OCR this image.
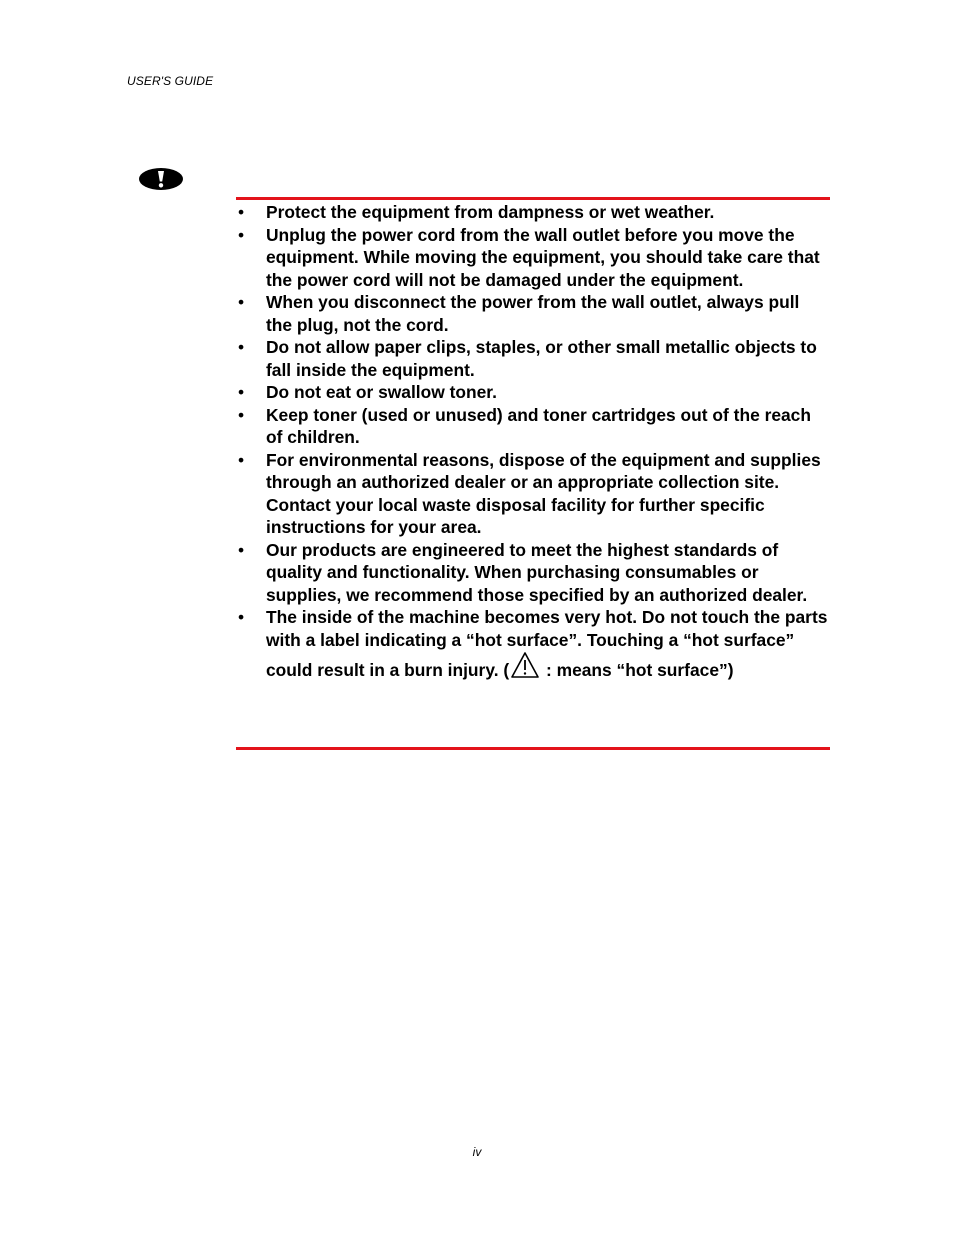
USER'S GUIDE
• Protect the equipment from dampness or wet weather.
• Unplug the power cord from the wall outlet before you move the equipment. While moving the equipment, you should take care that the power cord will not be damaged under the equipment.
• When you disconnect the power from the wall outlet, always pull the plug, not the cord.
• Do not allow paper clips, staples, or other small metallic objects to fall inside the equipment.
• Do not eat or swallow toner.
• Keep toner (used or unused) and toner cartridges out of the reach of children.
• For environmental reasons, dispose of the equipment and supplies through an authorized dealer or an appropriate collection site. Contact your local waste disposal facility for further specific instructions for your area.
• Our products are engineered to meet the highest standards of quality and functionality. When purchasing consumables or supplies, we recommend those specified by an authorized dealer.
• The inside of the machine becomes very hot. Do not touch the parts with a label indicating a “hot surface”. Touching a “hot surface” could result in a burn injury. ( : means “hot surface”)
iv
